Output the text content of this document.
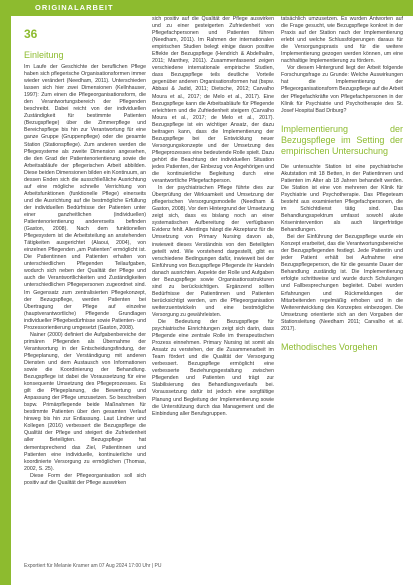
ORIGINALARBEIT
36
Einleitung

Im Laufe der Geschichte der beruflichen Pflege haben sich pflegerische Organisationsformen immer wieder verändert (Needham, 2011). Unterschieden lassen sich hier zwei Dimensionen (Kellnhauser, 1997): Zum einen die Pflegeorganisationsform, die den Verantwortungsbereich der Pflegenden beschreibt. Dabei reicht von der individuellen Zuständigkeit für bestimmte Patienten (Bezugspflege) über die Zimmerpflege und Bereichspflege bis hin zur Verantwortung für eine ganze Gruppe (Gruppenpflege) oder die gesamte Station (Stationspflege). Zum anderen werden die Pflegesysteme als zweite Dimension angesehen, die den Grad der Patientenorientierung sowie die Arbeitsabläufe der pflegerischen Arbeit abbilden. Diese beiden Dimensionen bilden ein Kontinuum, an dessen Enden sich die ausschließliche Ausrichtung auf eine mögliche schnelle Verrichtung von Arbeitsfunktionen (funktionelle Pflege) einerseits und die Ausrichtung auf die bestmögliche Erfüllung der individuellen Bedürfnisse der Patienten unter einer ganzheitlichen (individuellen) Patientenorientierung andererseits befinden (Gaston, 2008). Nach dem funktionellen Pflegesystem ist die Arbeitsteilung an anstehenden Tätigkeiten ausgerichtet (Alaoui, 2004), von einzelnen Pflegenden „am Patienten“ ermöglicht ist. Die Patientinnen und Patienten erhalten von unterschiedlichen Pflegenden Teilaufgaben, wodurch sich neben der Qualität der Pflege und auch die Verantwortlichkeiten und Zuständigkeiten unterschiedlichen Pflegepersonen zugeordnet sind. Im Gegensatz zum zentralisierten Pflegekonzept, der Bezugspflege, werden Patienten bei Übertragung der Pflege auf einzelne (hauptverantwortliche) Pflegende Grundlagen individueller Pflegebedürfnisse sowie Patienten- und Prozessorientierung umgesetzt (Gaston, 2008).

Nainer (2000) definiert die Aufgabenbereiche der primären Pflegenden als Übernahme der Verantwortung in der Entscheidungsfindung, der Pflegeplanung, der Verständigung mit anderen Diensten und dem Austausch von Informationen sowie die Koordinierung der Behandlung. Bezugspflege ist dabei die Voraussetzung für eine konsequente Umsetzung des Pflegeprozesses. Es gilt die Pflegeplanung, die Bewertung und Anpassung der Pflege umzusetzen. So beschreiben bspw. Primärpflegende beide Maßnahmen für bestimmte Patienten über den gesamten Verlauf hinweg bis hin zur Entlassung. Laut Lindner und Kollegen (2016) verbessert die Bezugspflege die Qualität der Pflege und steigert die Zufriedenheit aller Beteiligten. Bezugspflege hat dementsprechend das Ziel, Patientinnen und Patienten eine individuelle, kontinuierliche und koordinierte Versorgung zu ermöglichen (Thomas, 2002, S. 25).

Diese Form der Pflegeorganisation soll sich positiv auf die Qualität der Pflege auswirken

sich positiv auf die Qualität der Pflege auswirken und zu einer gesteigerten Zufriedenheit von Pflegefachpersonen und Patienten führen (Needham, 2011). Im Rahmen der internationalen empirischen Studien belegt einige davon positive Effekte der Bezugspflege (Hendrich & Abdelhalim, 2011; Manthey, 2011). Zusammenfassend zeigen verschiedene internationale empirische Studien, dass Bezugspflege teils deutliche Vorteile gegenüber anderen Organisationsformen hat (bspw. Abbasi & Jadid, 2011; Dietsche, 2012; Carvalho Moura et al., 2017; de Melo et al., 2017). Eine Bezugspflege kann die Arbeitsabläufe für Pflegende erleichtern und die Zufriedenheit steigern (Carvalho Moura et al., 2017; de Melo et al., 2017). Bezugspflege ist ein wichtiger Ansatz, der dazu beitragen kann, dass die Implementierung der Bezugspflege bei der Entwicklung neuer Versorgungskonzepte und der Umsetzung des Pflegeprozesses eine bedeutende Rolle spielt. Dazu gehört die Beachtung der individuellen Situation jedes Patienten, der Einbezug von Angehörigen und die kontinuierliche Begleitung durch eine verantwortliche Pflegefachperson.

In der psychiatrischen Pflege führte dies zur Überprüfung der Wirksamkeit und Umsetzung der pflegerischen Versorgungsmodelle (Needham & Gaston, 2008). Vor dem Hintergrund der Umsetzung zeigt sich, dass es bislang noch an einer systematischen Aufbereitung der verfügbaren Evidenz fehlt. Allerdings hängt die Akzeptanz für die Umsetzung von Primary Nursing davon ab, inwieweit dieses Verständnis von den Beteiligten geteilt wird. Wie vorstehend dargestellt, gibt es verschiedene Bedingungen dafür, inwieweit bei der Einführung von Bezugspflege Pflegende ihr Handeln danach ausrichten. Aspekte der Rolle und Aufgaben der Bezugspflege sowie Organisationsstrukturen sind zu berücksichtigen. Ergänzend sollten Bedürfnisse der Patientinnen und Patienten berücksichtigt werden, um die Pflegeorganisation weiterzuentwickeln und eine bestmögliche Versorgung zu gewährleisten.

Die Bedeutung der Bezugspflege für psychiatrische Einrichtungen zeigt sich darin, dass Pflegende eine zentrale Rolle im therapeutischen Prozess einnehmen. Primary Nursing ist somit als Ansatz zu verstehen, der die Zusammenarbeit im Team fördert und die Qualität der Versorgung verbessert. Bezugspflege ermöglicht eine verbesserte Beziehungsgestaltung zwischen Pflegenden und Patienten und trägt zur Stabilisierung des Behandlungsverlaufs bei. Voraussetzung dafür ist jedoch eine sorgfältige Planung und Begleitung der Implementierung sowie die Unterstützung durch das Management und die Einbindung aller Berufsgruppen.

tatsächlich umzusetzen. Es wurden Antworten auf die Frage gesucht, wie Bezugspflege konkret in der Praxis auf der Station nach der Implementierung erlebt und welche Schlussfolgerungen daraus für die Versorgungspraxis und für die weitere Implementierung gezogen werden können, um eine nachhaltige Implementierung zu fördern.

Vor diesem Hintergrund liegt der Arbeit folgende Forschungsfrage zu Grunde: Welche Auswirkungen hat die Implementierung der Pflegeorganisationsform Bezugspflege auf die Arbeit der Pflegefachkräfte von Pflegefachpersonen in der Klinik für Psychiatrie und Psychotherapie des St. Josef Hospital Bad Driburg?

Implementierung der Bezugspflege im Setting der empirischen Untersuchung

Die untersuchte Station ist eine psychiatrische Akutstation mit 18 Betten, in der Patientinnen und Patienten im Alter ab 18 Jahren behandelt werden. Die Station ist eine von mehreren der Klinik für Psychiatrie und Psychotherapie. Das Pflegeteam besteht aus examinierten Pflegefachpersonen, die im Schichtdienst tätig sind. Das Behandlungsspektrum umfasst sowohl akute Krisenintervention als auch längerfristige Behandlungen.

Bei der Einführung der Bezugspflege wurde ein Konzept erarbeitet, das die Verantwortungsbereiche der Bezugspflegenden festlegt. Jede Patientin und jeder Patient erhält bei Aufnahme eine Bezugspflegeperson, die für die gesamte Dauer der Behandlung zuständig ist. Die Implementierung erfolgte schrittweise und wurde durch Schulungen und Fallbesprechungen begleitet. Dabei wurden Erfahrungen und Rückmeldungen der Mitarbeitenden regelmäßig erhoben und in die Weiterentwicklung des Konzeptes einbezogen. Die Umsetzung orientierte sich an den Vorgaben der Stationsleitung (Needham 2011; Carvalho et al. 2017).

Methodisches Vorgehen
Exportiert für Melanie Kramer am 07 Aug 2024 17:00 Uhr | PU
